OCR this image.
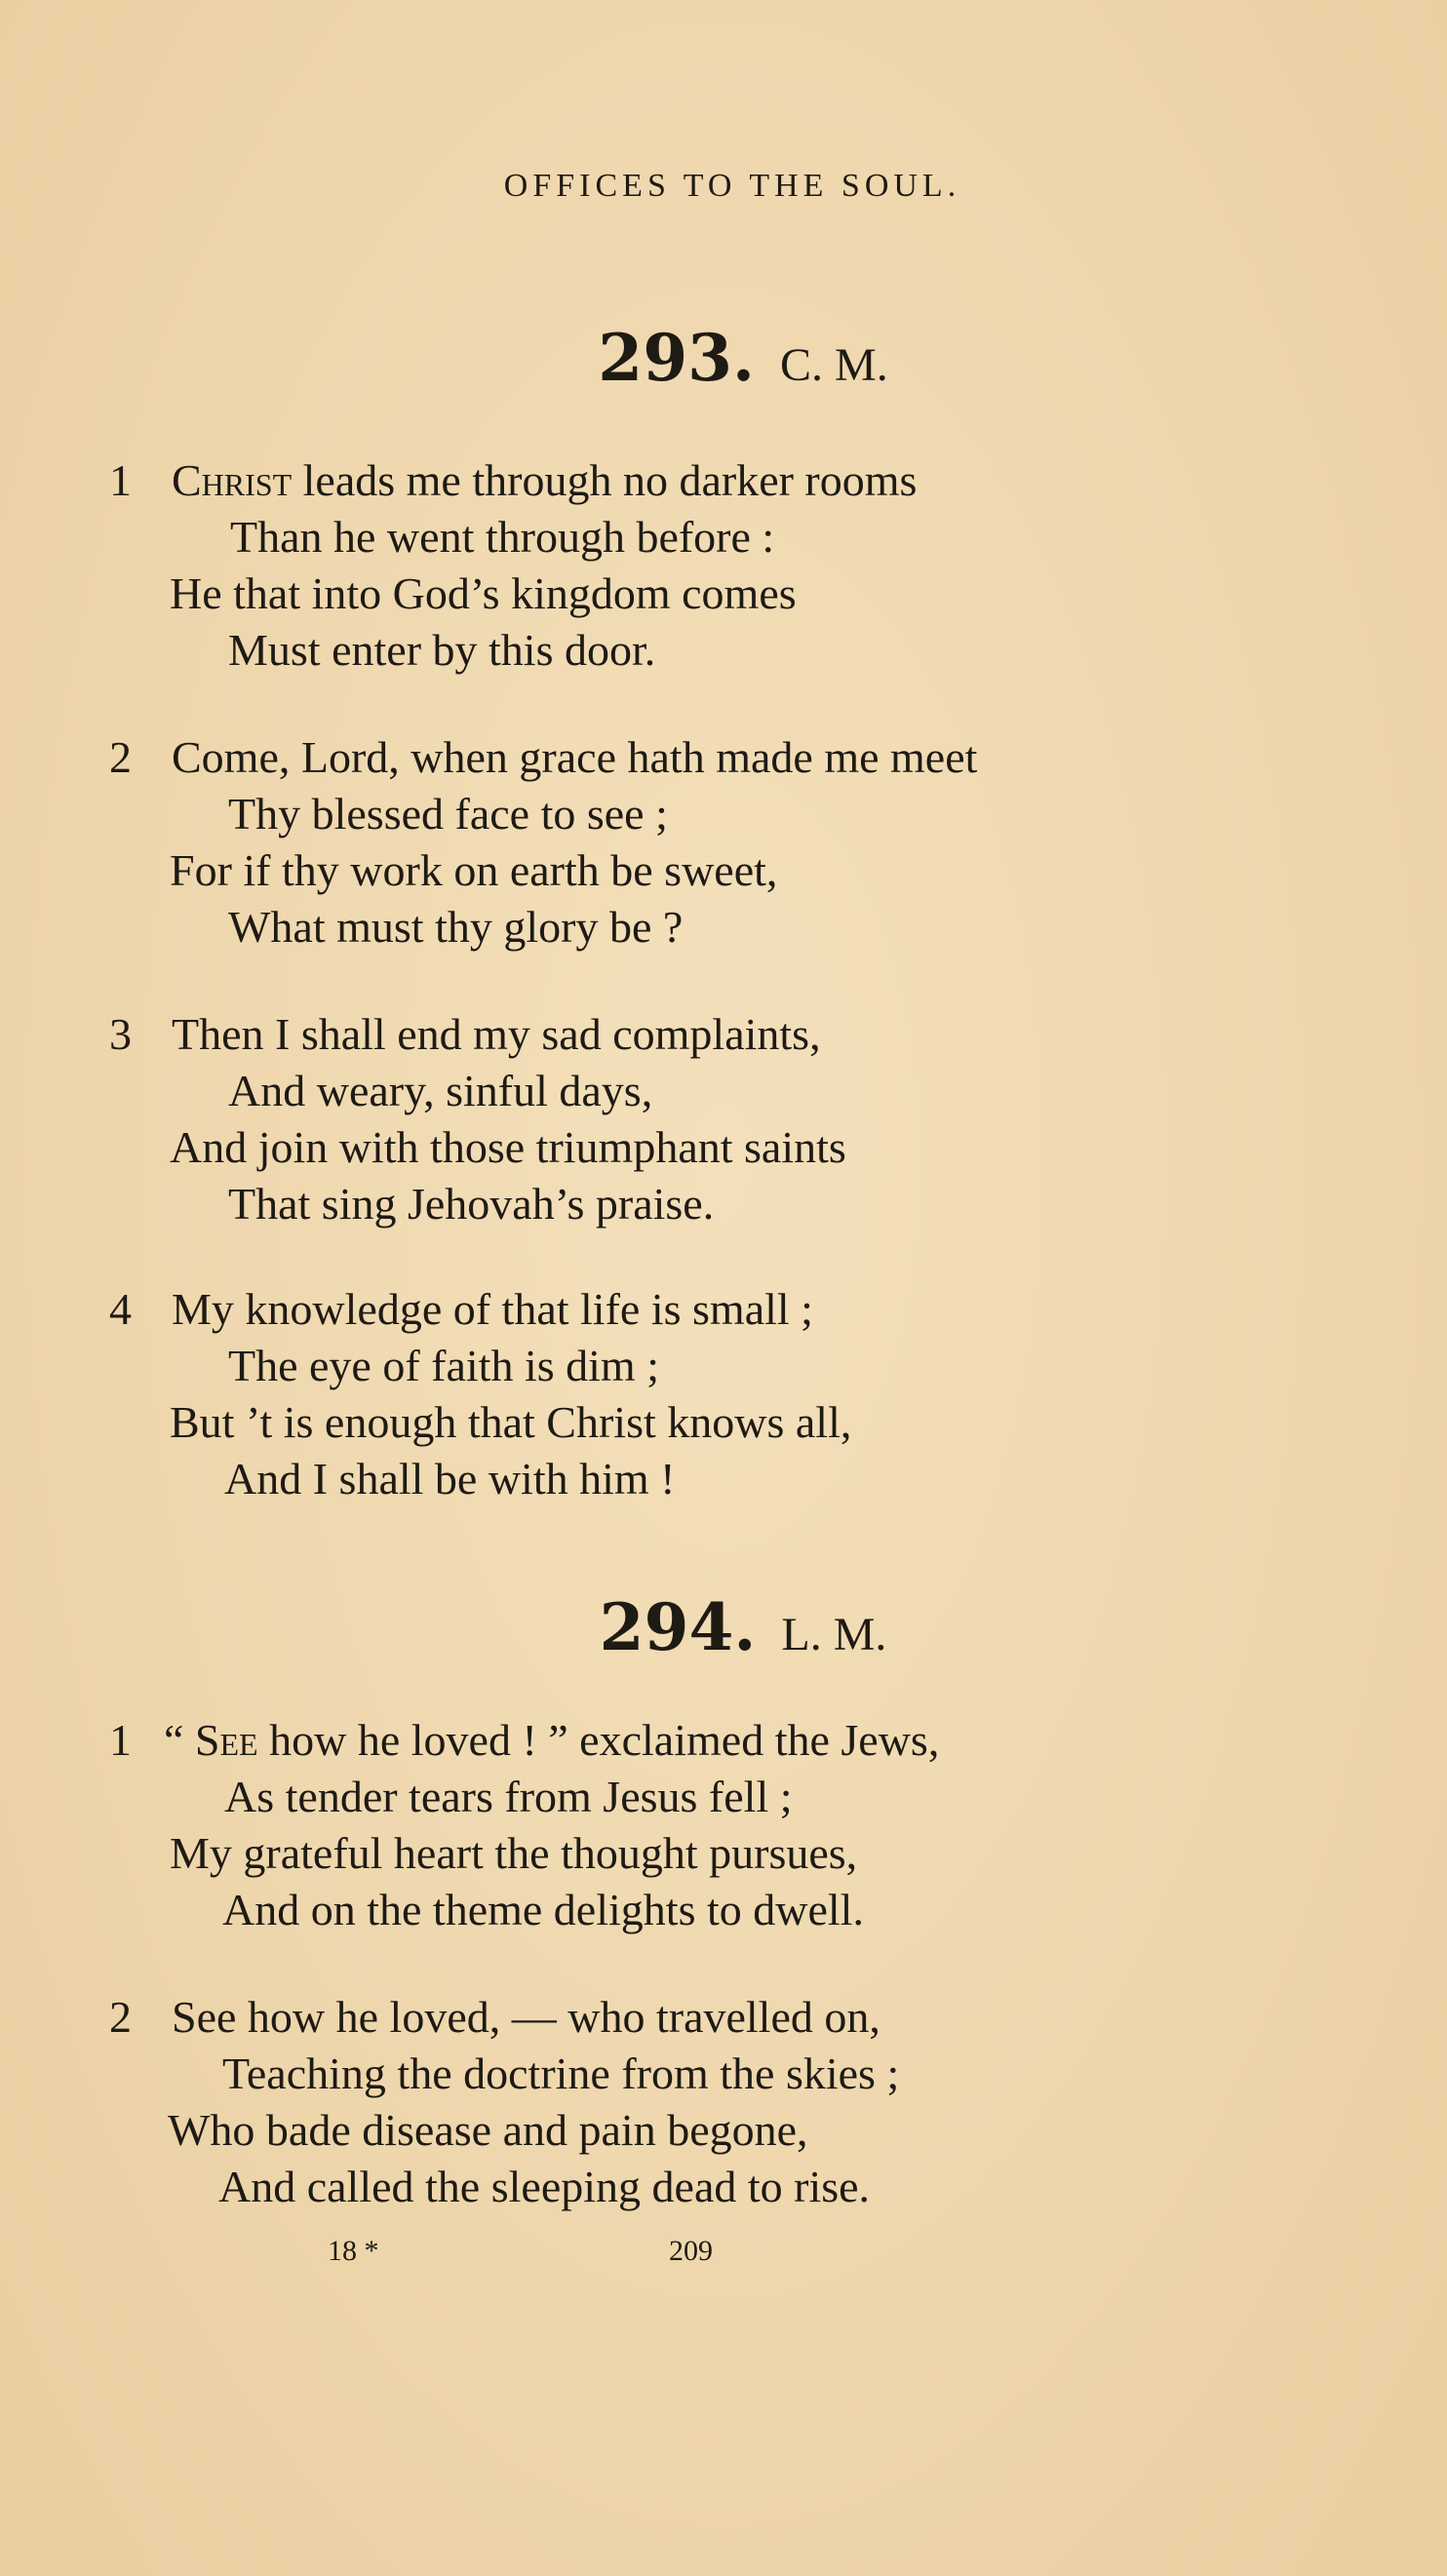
OFFICES TO THE SOUL.
293. C. M.
1 Christ leads me through no darker rooms
Than he went through before :
He that into God’s kingdom comes
Must enter by this door.
2 Come, Lord, when grace hath made me meet
Thy blessed face to see ;
For if thy work on earth be sweet,
What must thy glory be ?
3 Then I shall end my sad complaints,
And weary, sinful days,
And join with those triumphant saints
That sing Jehovah’s praise.
4 My knowledge of that life is small ;
The eye of faith is dim ;
But ’t is enough that Christ knows all,
And I shall be with him !
294. L. M.
1 “ See how he loved ! ” exclaimed the Jews,
As tender tears from Jesus fell ;
My grateful heart the thought pursues,
And on the theme delights to dwell.
2 See how he loved, — who travelled on,
Teaching the doctrine from the skies ;
Who bade disease and pain begone,
And called the sleeping dead to rise.
18 *	209
